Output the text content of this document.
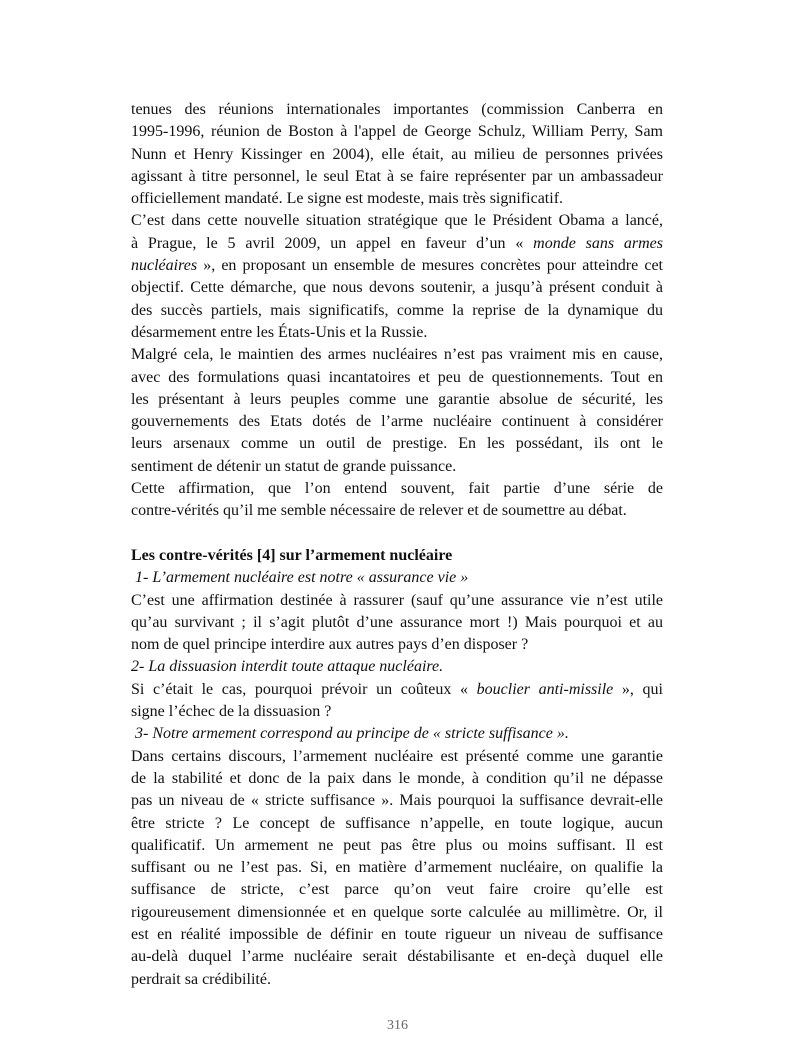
tenues des réunions internationales importantes (commission Canberra en
1995-1996, réunion de Boston à l'appel de George Schulz, William Perry, Sam
Nunn et Henry Kissinger en 2004), elle était, au milieu de personnes privées
agissant à titre personnel, le seul Etat à se faire représenter par un ambassadeur
officiellement mandaté. Le signe est modeste, mais très significatif.
C’est dans cette nouvelle situation stratégique que le Président Obama a lancé,
à Prague, le 5 avril 2009, un appel en faveur d’un « monde sans armes
nucléaires », en proposant un ensemble de mesures concrètes pour atteindre cet
objectif. Cette démarche, que nous devons soutenir, a jusqu’à présent conduit à
des succès partiels, mais significatifs, comme la reprise de la dynamique du
désarmement entre les États-Unis et la Russie.
Malgré cela, le maintien des armes nucléaires n’est pas vraiment mis en cause,
avec des formulations quasi incantatoires et peu de questionnements. Tout en
les présentant à leurs peuples comme une garantie absolue de sécurité, les
gouvernements des Etats dotés de l’arme nucléaire continuent à considérer
leurs arsenaux comme un outil de prestige. En les possédant, ils ont le
sentiment de détenir un statut de grande puissance.
Cette affirmation, que l’on entend souvent, fait partie d’une série de
contre-vérités qu’il me semble nécessaire de relever et de soumettre au débat.
Les contre-vérités [4] sur l’armement nucléaire
1- L’armement nucléaire est notre « assurance vie »
C’est une affirmation destinée à rassurer (sauf qu’une assurance vie n’est utile
qu’au survivant ; il s’agit plutôt d’une assurance mort !) Mais pourquoi et au
nom de quel principe interdire aux autres pays d’en disposer ?
2- La dissuasion interdit toute attaque nucléaire.
Si c’était le cas, pourquoi prévoir un coûteux « bouclier anti-missile », qui
signe l’échec de la dissuasion ?
3- Notre armement correspond au principe de « stricte suffisance ».
Dans certains discours, l’armement nucléaire est présenté comme une garantie
de la stabilité et donc de la paix dans le monde, à condition qu’il ne dépasse
pas un niveau de « stricte suffisance ». Mais pourquoi la suffisance devrait-elle
être stricte ? Le concept de suffisance n’appelle, en toute logique, aucun
qualificatif. Un armement ne peut pas être plus ou moins suffisant. Il est
suffisant ou ne l’est pas. Si, en matière d’armement nucléaire, on qualifie la
suffisance de stricte, c’est parce qu’on veut faire croire qu’elle est
rigoureusement dimensionnée et en quelque sorte calculée au millimètre. Or, il
est en réalité impossible de définir en toute rigueur un niveau de suffisance
au-delà duquel l’arme nucléaire serait déstabilisante et en-deçà duquel elle
perdrait sa crédibilité.
316
